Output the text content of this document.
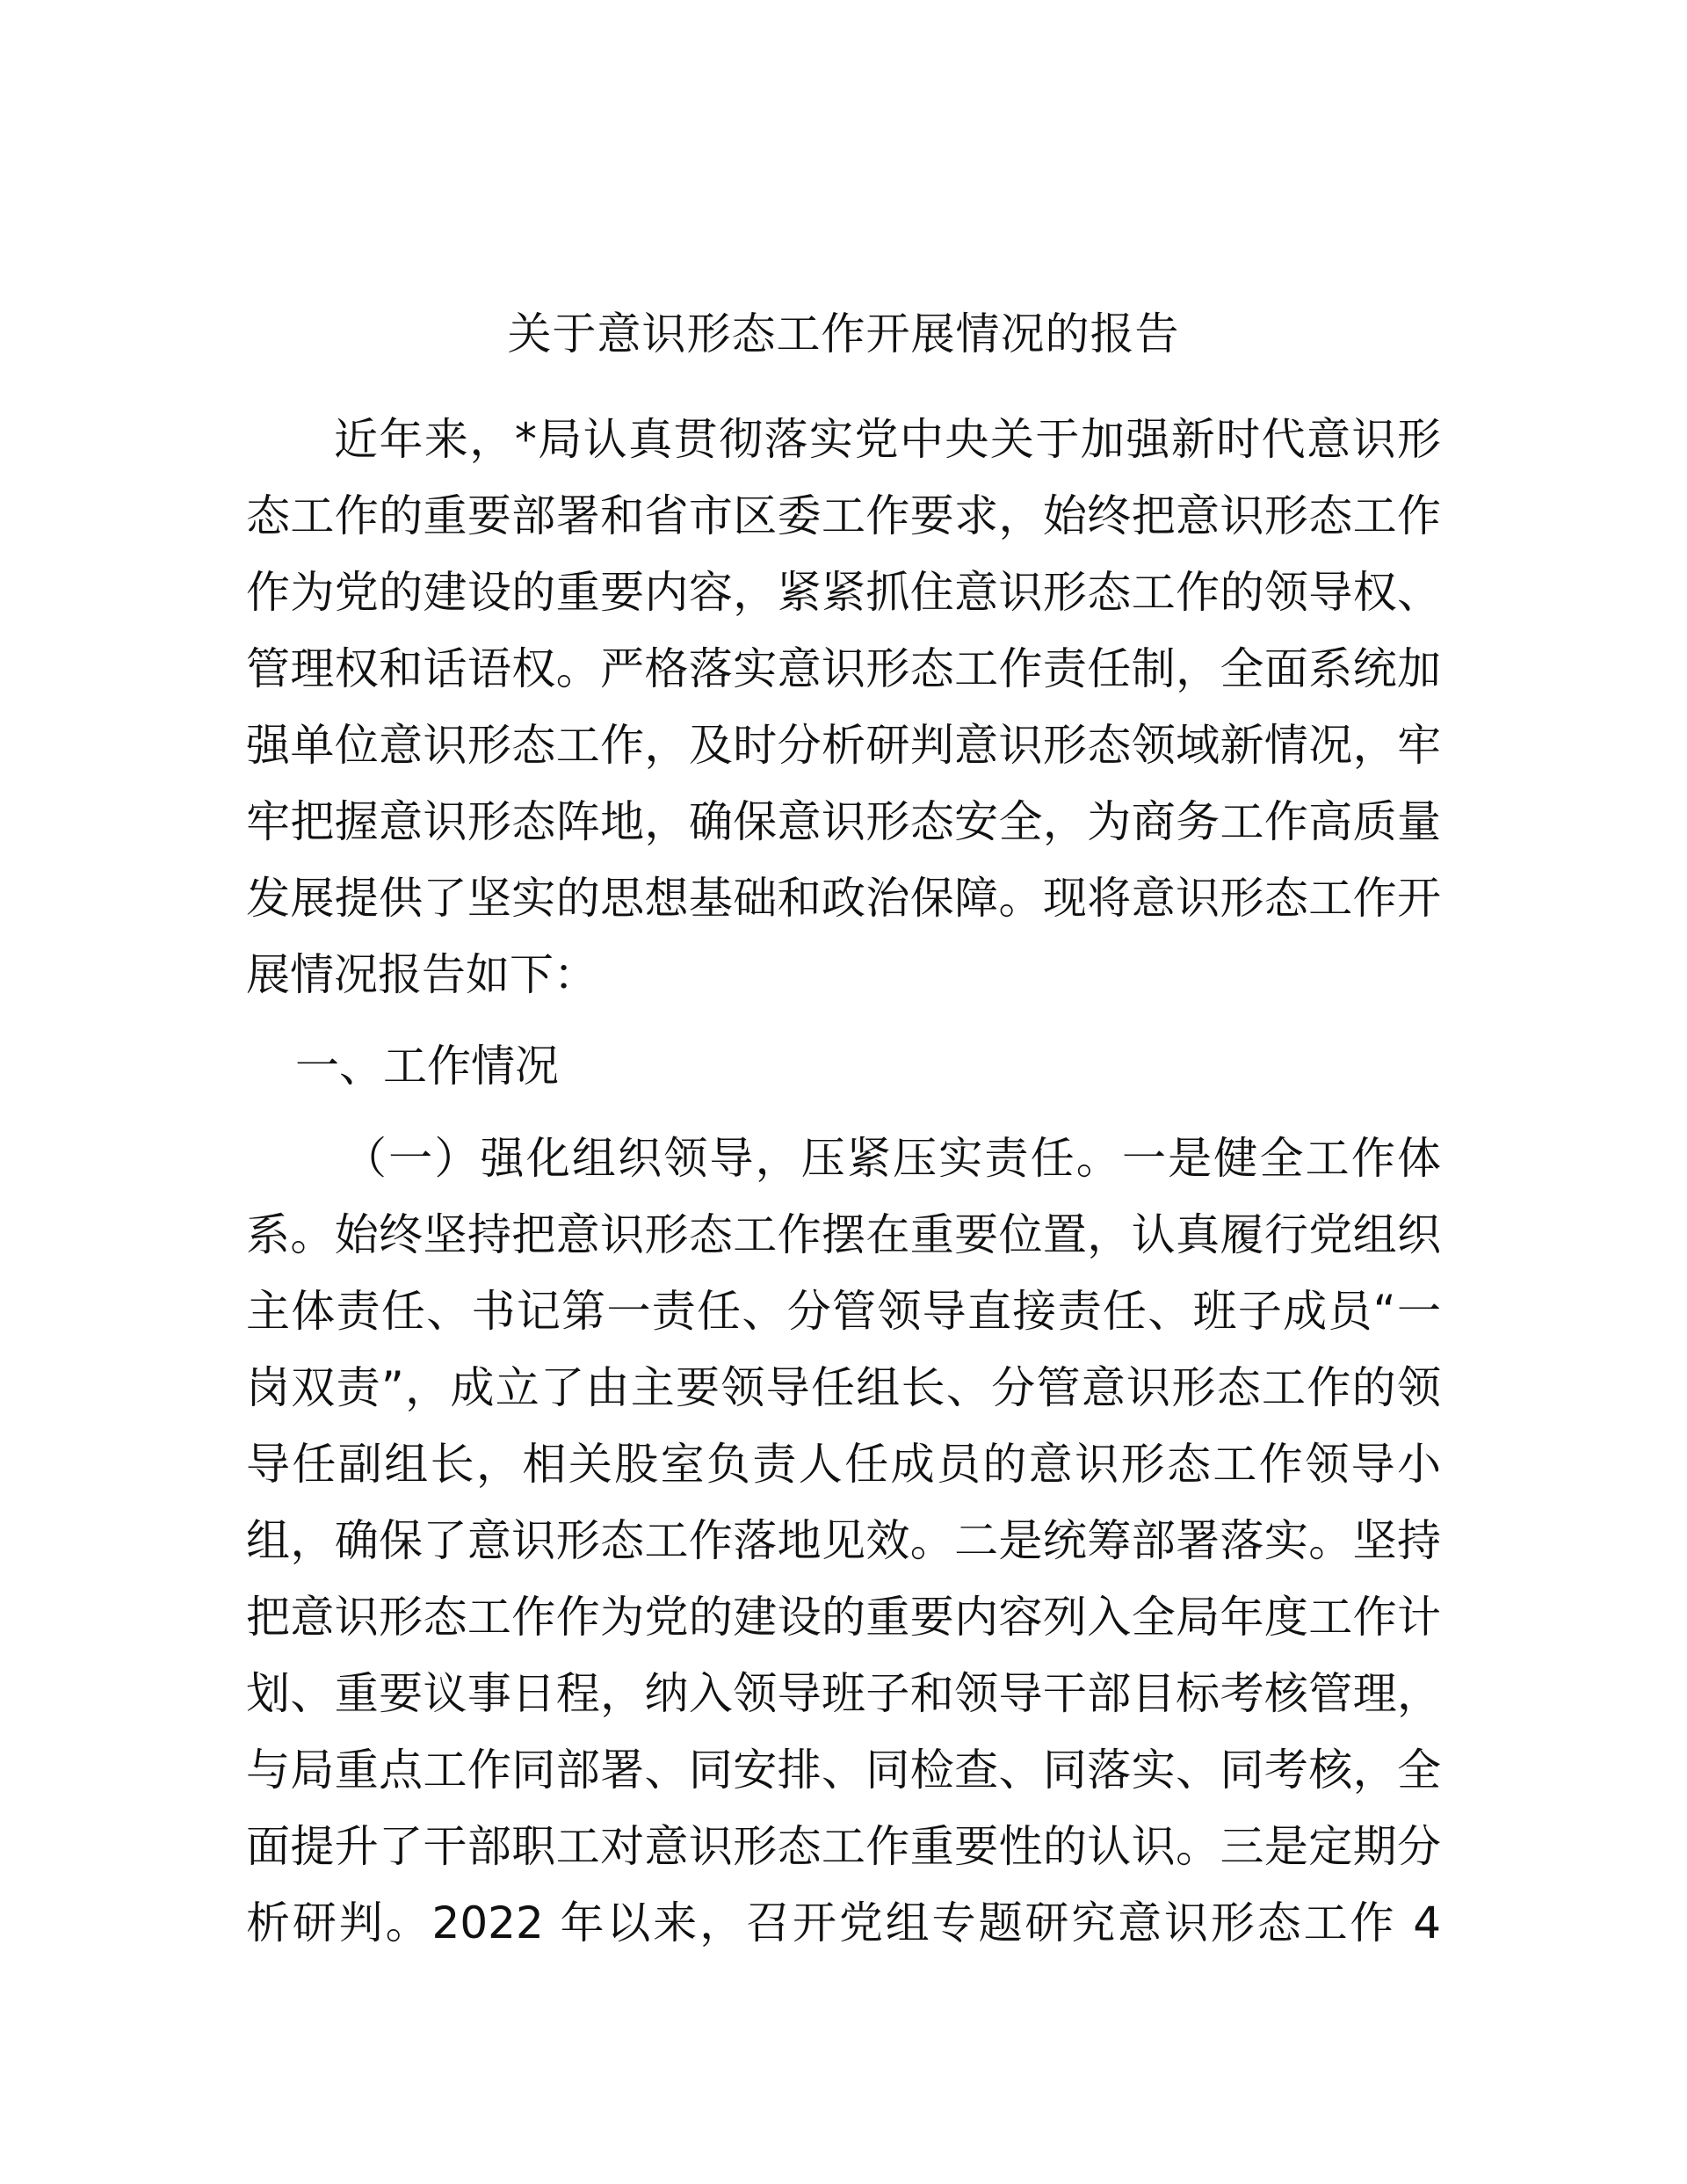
关于意识形态工作开展情况的报告
近年来，*局认真贯彻落实党中央关于加强新时代意识形
态工作的重要部署和省市区委工作要求，始终把意识形态工作
作为党的建设的重要内容，紧紧抓住意识形态工作的领导权、
管理权和话语权。严格落实意识形态工作责任制，全面系统加
强单位意识形态工作，及时分析研判意识形态领域新情况，牢
牢把握意识形态阵地，确保意识形态安全，为商务工作高质量
发展提供了坚实的思想基础和政治保障。现将意识形态工作开
展情况报告如下：
一、工作情况
（一）强化组织领导，压紧压实责任。一是健全工作体
系。始终坚持把意识形态工作摆在重要位置，认真履行党组织
主体责任、书记第一责任、分管领导直接责任、班子成员“一
岗双责”，成立了由主要领导任组长、分管意识形态工作的领
导任副组长，相关股室负责人任成员的意识形态工作领导小
组，确保了意识形态工作落地见效。二是统筹部署落实。坚持
把意识形态工作作为党的建设的重要内容列入全局年度工作计
划、重要议事日程，纳入领导班子和领导干部目标考核管理，
与局重点工作同部署、同安排、同检查、同落实、同考核，全
面提升了干部职工对意识形态工作重要性的认识。三是定期分
析研判。2022 年以来，召开党组专题研究意识形态工作 4
